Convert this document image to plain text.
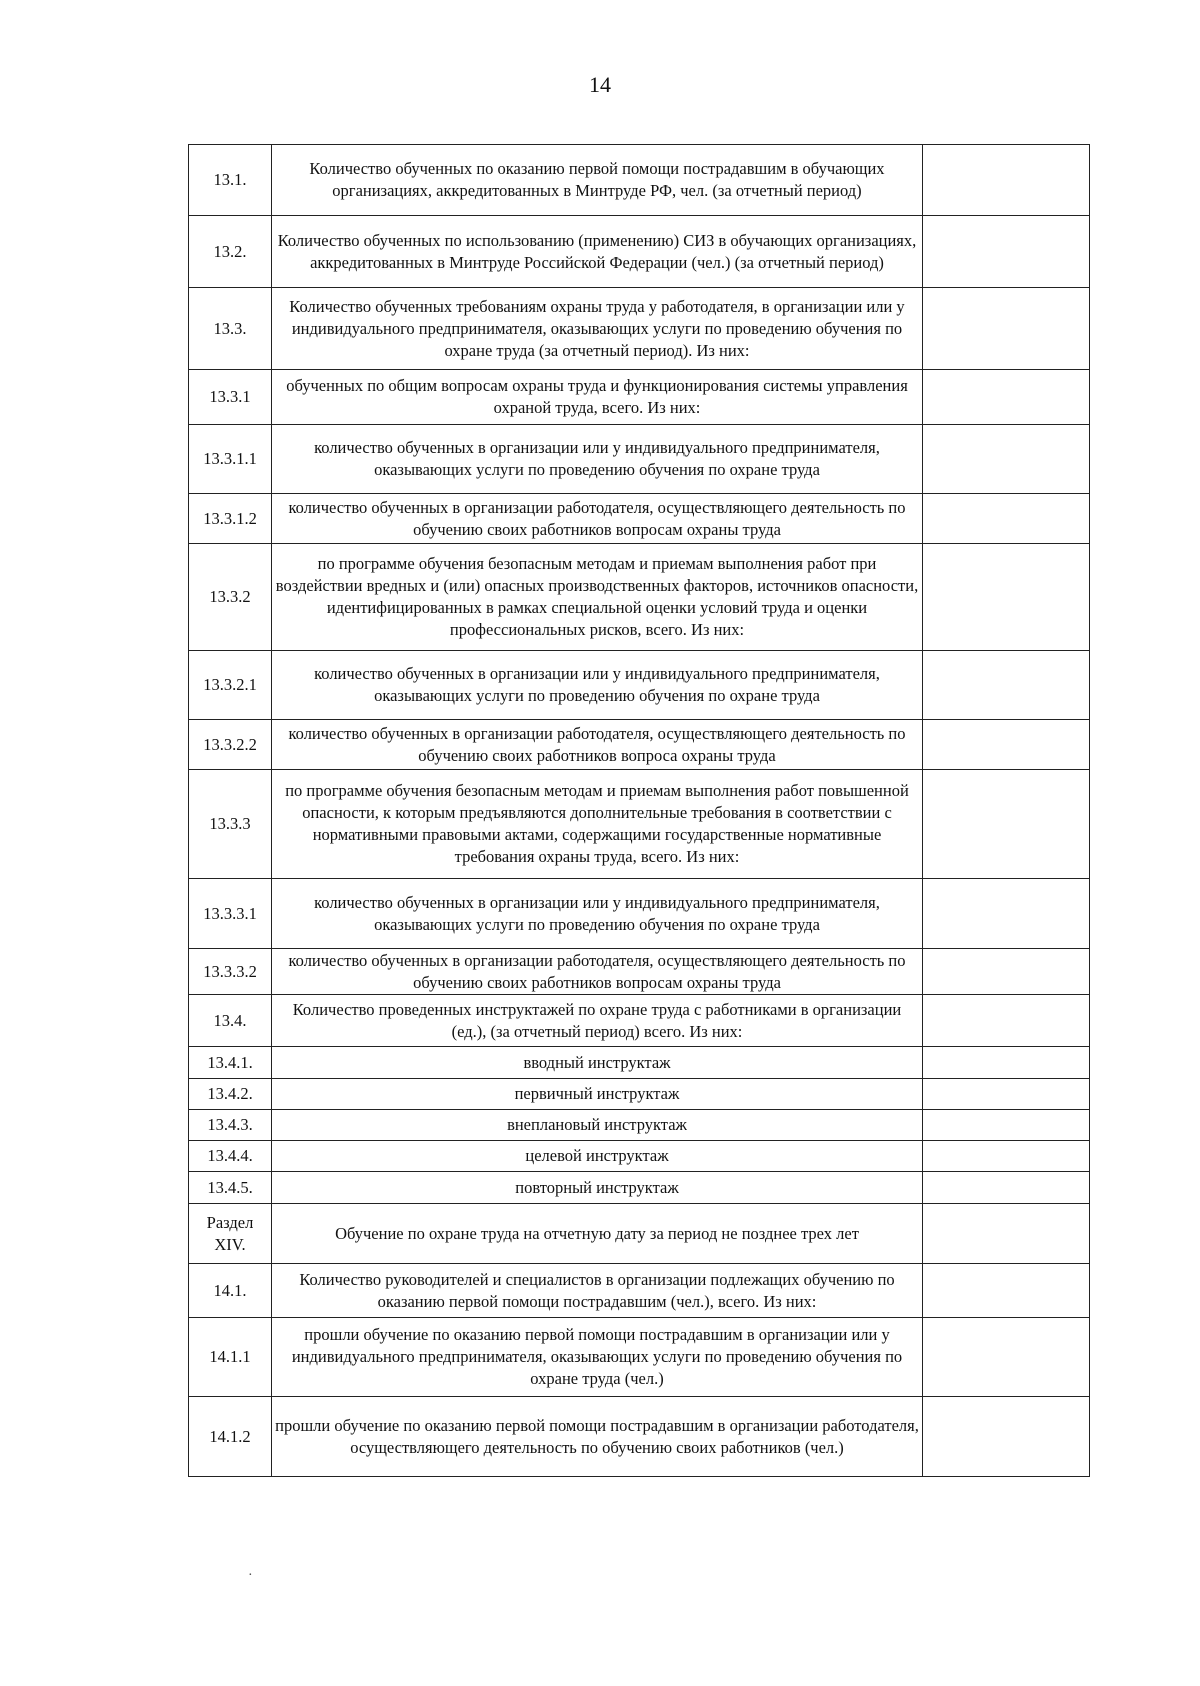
14
13.1.	Количество обученных по оказанию первой помощи пострадавшим в обучающих организациях, аккредитованных в Минтруде РФ, чел. (за отчетный период)	
13.2.	Количество обученных по использованию (применению) СИЗ в обучающих организациях, аккредитованных в Минтруде Российской Федерации (чел.) (за отчетный период)	
13.3.	Количество обученных требованиям охраны труда у работодателя, в организации или у индивидуального предпринимателя, оказывающих услуги по проведению обучения по охране труда (за отчетный период). Из них:	
13.3.1	обученных по общим вопросам охраны труда и функционирования системы управления охраной труда, всего. Из них:	
13.3.1.1	количество обученных в организации или у индивидуального предпринимателя, оказывающих услуги по проведению обучения по охране труда	
13.3.1.2	количество обученных в организации работодателя, осуществляющего деятельность по обучению своих работников вопросам охраны труда	
13.3.2	по программе обучения безопасным методам и приемам выполнения работ при воздействии вредных и (или) опасных производственных факторов, источников опасности, идентифицированных в рамках специальной оценки условий труда и оценки профессиональных рисков, всего. Из них:	
13.3.2.1	количество обученных в организации или у индивидуального предпринимателя, оказывающих услуги по проведению обучения по охране труда	
13.3.2.2	количество обученных в организации работодателя, осуществляющего деятельность по обучению своих работников вопроса охраны труда	
13.3.3	по программе обучения безопасным методам и приемам выполнения работ повышенной опасности, к которым предъявляются дополнительные требования в соответствии с нормативными правовыми актами, содержащими государственные нормативные требования охраны труда, всего. Из них:	
13.3.3.1	количество обученных в организации или у индивидуального предпринимателя, оказывающих услуги по проведению обучения по охране труда	
13.3.3.2	количество обученных в организации работодателя, осуществляющего деятельность по обучению своих работников вопросам охраны труда	
13.4.	Количество проведенных инструктажей по охране труда с работниками в организации (ед.), (за отчетный период) всего. Из них:	
13.4.1.	вводный инструктаж	
13.4.2.	первичный инструктаж	
13.4.3.	внеплановый инструктаж	
13.4.4.	целевой инструктаж	
13.4.5.	повторный инструктаж	
Раздел XIV.	Обучение по охране труда на отчетную дату за период не позднее трех лет	
14.1.	Количество руководителей и специалистов в организации подлежащих обучению по оказанию первой помощи пострадавшим (чел.), всего. Из них:	
14.1.1	прошли обучение по оказанию первой помощи пострадавшим в организации или у индивидуального предпринимателя, оказывающих услуги по проведению обучения по охране труда (чел.)	
14.1.2	прошли обучение по оказанию первой помощи пострадавшим в организации работодателя, осуществляющего деятельность по обучению своих работников (чел.)	
·
